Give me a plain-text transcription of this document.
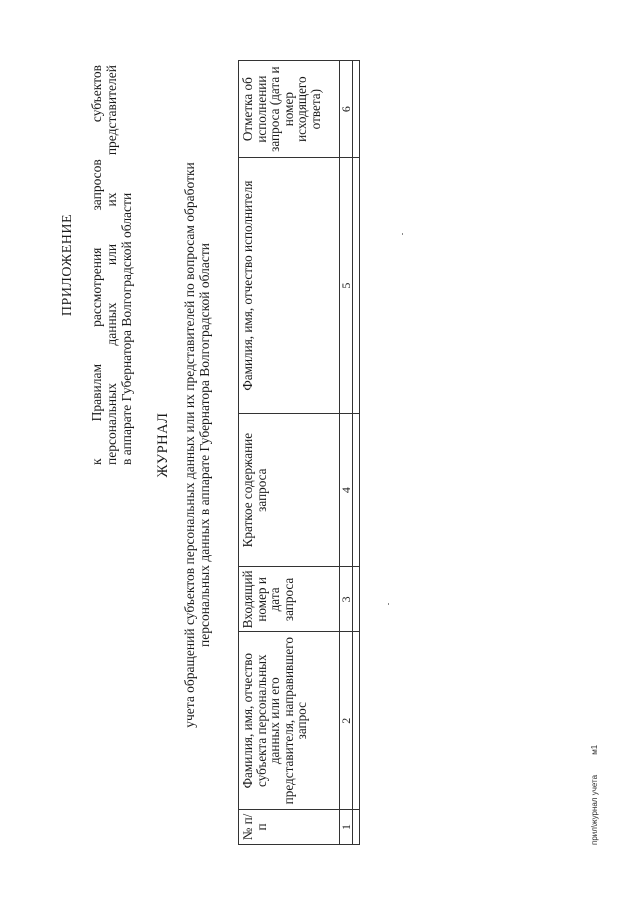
ПРИЛОЖЕНИЕ к Правилам рассмотрения запросов субъектов персональных данных или их представителей в аппарате Губернатора Волгоградской области ЖУРНАЛ учета обращений субъектов персональных данных или их представителей по вопросам обработки персональных данных в аппарате Губернатора Волгоградской области
№ п/п	Фамилия, имя, отчество субъекта персональных данных или его представителя, направившего запрос	Входящий номер и дата запроса	Краткое содержание запроса	Фамилия, имя, отчество исполнителя	Отметка об исполнении запроса (дата и номер исходящего ответа)
1	2	3	4	5	6

прил\журнал учета м1
